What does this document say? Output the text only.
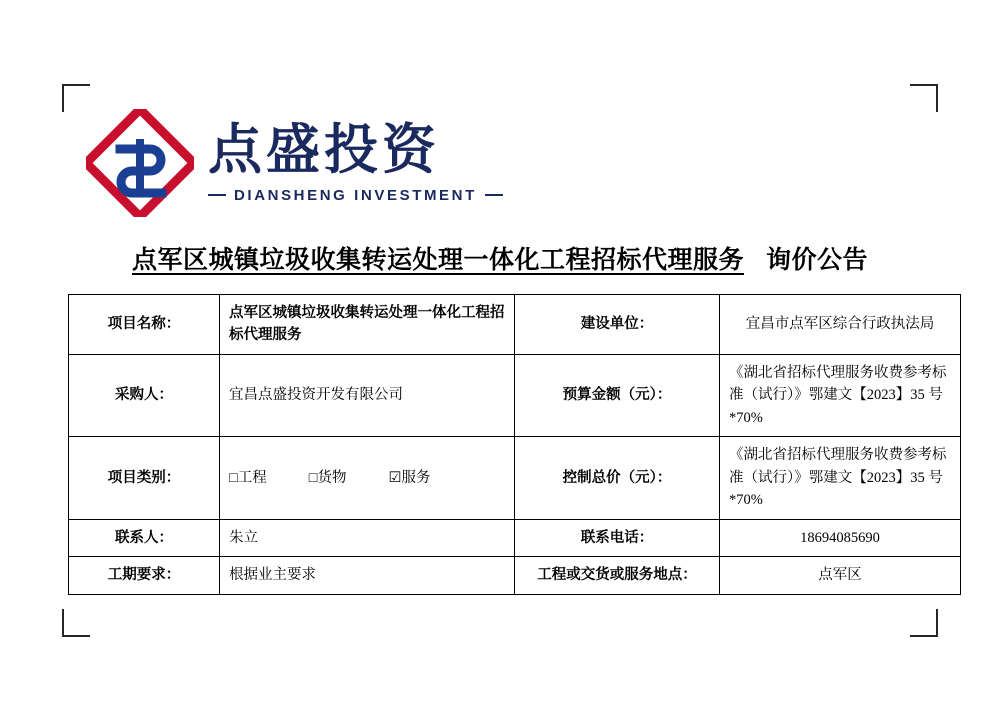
点盛投资
DIANSHENG INVESTMENT
点军区城镇垃圾收集转运处理一体化工程招标代理服务 询价公告
项目名称：	点军区城镇垃圾收集转运处理一体化工程招标代理服务	建设单位：	宜昌市点军区综合行政执法局
采购人：	宜昌点盛投资开发有限公司	预算金额（元）：	《湖北省招标代理服务收费参考标准（试行）》鄂建文【2023】35 号*70%
项目类别：	□工程 □货物 ☑服务	控制总价（元）：	《湖北省招标代理服务收费参考标准（试行）》鄂建文【2023】35 号*70%
联系人：	朱立	联系电话：	18694085690
工期要求：	根据业主要求	工程或交货或服务地点：	点军区
